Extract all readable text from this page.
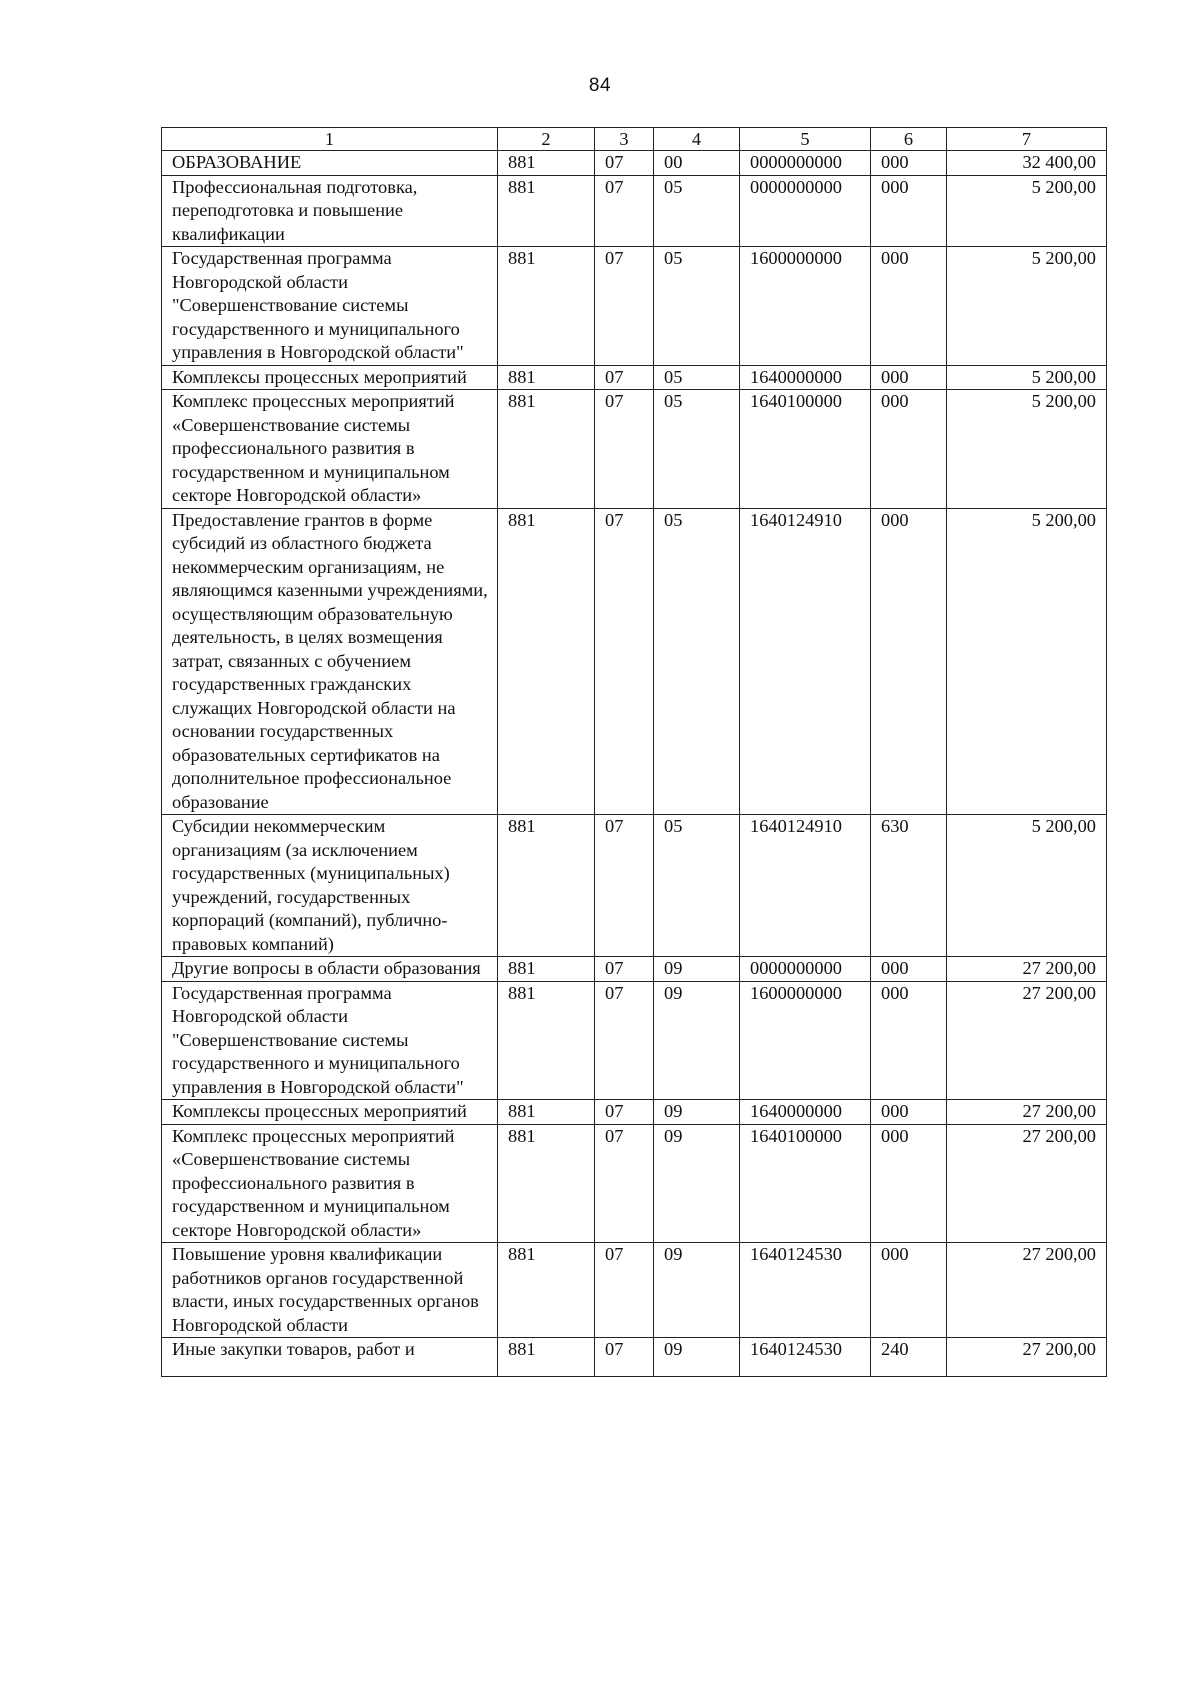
84
1	2	3	4	5	6	7
ОБРАЗОВАНИЕ	881	07	00	0000000000	000	32 400,00
Профессиональная подготовка, переподготовка и повышение квалификации	881	07	05	0000000000	000	5 200,00
Государственная программа Новгородской области "Совершенствование системы государственного и муниципального управления в Новгородской области"	881	07	05	1600000000	000	5 200,00
Комплексы процессных мероприятий	881	07	05	1640000000	000	5 200,00
Комплекс процессных мероприятий «Совершенствование системы профессионального развития в государственном и муниципальном секторе Новгородской области»	881	07	05	1640100000	000	5 200,00
Предоставление грантов в форме субсидий из областного бюджета некоммерческим организациям, не являющимся казенными учреждениями, осуществляющим образовательную деятельность, в целях возмещения затрат, связанных с обучением государственных гражданских служащих Новгородской области на основании государственных образовательных сертификатов на дополнительное профессиональное образование	881	07	05	1640124910	000	5 200,00
Субсидии некоммерческим организациям (за исключением государственных (муниципальных) учреждений, государственных корпораций (компаний), публично-правовых компаний)	881	07	05	1640124910	630	5 200,00
Другие вопросы в области образования	881	07	09	0000000000	000	27 200,00
Государственная программа Новгородской области "Совершенствование системы государственного и муниципального управления в Новгородской области"	881	07	09	1600000000	000	27 200,00
Комплексы процессных мероприятий	881	07	09	1640000000	000	27 200,00
Комплекс процессных мероприятий «Совершенствование системы профессионального развития в государственном и муниципальном секторе Новгородской области»	881	07	09	1640100000	000	27 200,00
Повышение уровня квалификации работников органов государственной власти, иных государственных органов Новгородской области	881	07	09	1640124530	000	27 200,00
Иные закупки товаров, работ и	881	07	09	1640124530	240	27 200,00
